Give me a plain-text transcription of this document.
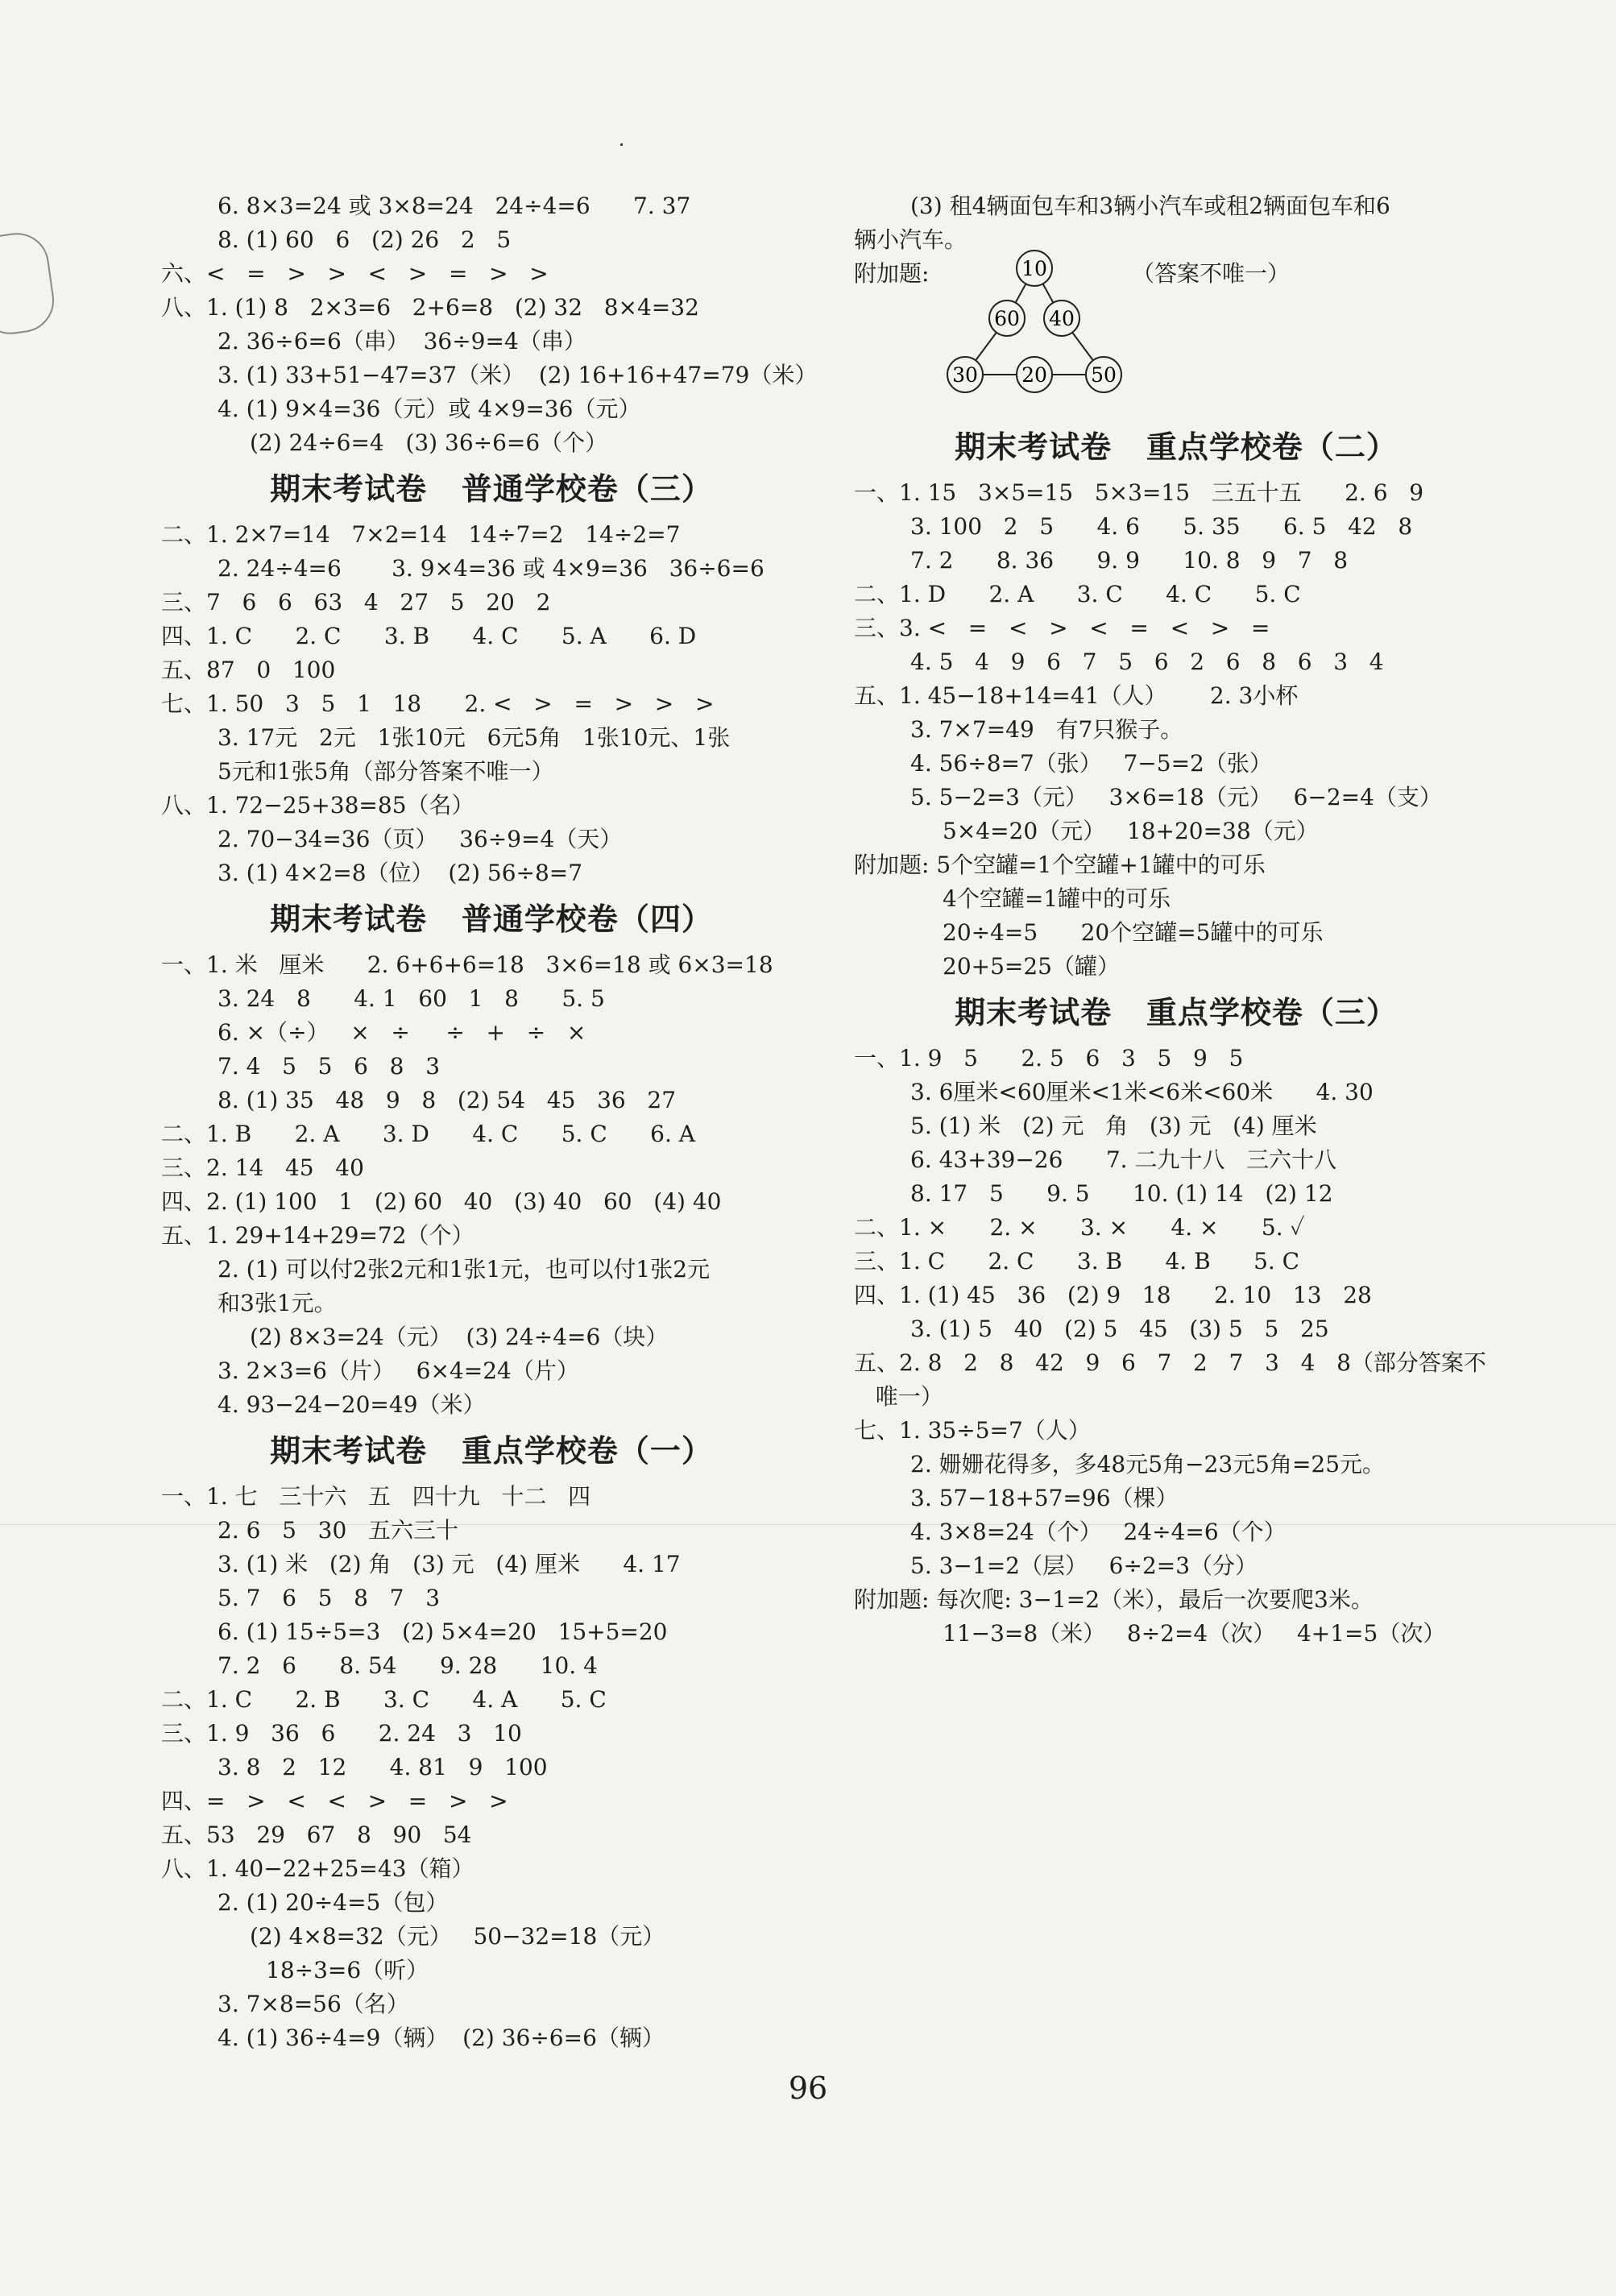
6. 8×3=24 或 3×8=24   24÷4=6      7. 37
8. (1) 60   6   (2) 26   2   5
六、<   =   >   >   <   >   =   >   >
八、1. (1) 8   2×3=6   2+6=8   (2) 32   8×4=32
2. 36÷6=6（串）  36÷9=4（串）
3. (1) 33+51−47=37（米）  (2) 16+16+47=79（米）
4. (1) 9×4=36（元）或 4×9=36（元）
(2) 24÷6=4   (3) 36÷6=6（个）
期末考试卷   普通学校卷（三）
二、1. 2×7=14   7×2=14   14÷7=2   14÷2=7
2. 24÷4=6       3. 9×4=36 或 4×9=36   36÷6=6
三、7   6   6   63   4   27   5   20   2
四、1. C      2. C      3. B      4. C      5. A      6. D
五、87   0   100
七、1. 50   3   5   1   18      2. <   >   =   >   >   >
3. 17元   2元   1张10元   6元5角   1张10元、1张
5元和1张5角（部分答案不唯一）
八、1. 72−25+38=85（名）
2. 70−34=36（页）   36÷9=4（天）
3. (1) 4×2=8（位）  (2) 56÷8=7
期末考试卷   普通学校卷（四）
一、1. 米   厘米      2. 6+6+6=18   3×6=18 或 6×3=18
3. 24   8      4. 1   60   1   8      5. 5
6. ×（÷）   ×   ÷     ÷   +   ÷   ×
7. 4   5   5   6   8   3
8. (1) 35   48   9   8   (2) 54   45   36   27
二、1. B      2. A      3. D      4. C      5. C      6. A
三、2. 14   45   40
四、2. (1) 100   1   (2) 60   40   (3) 40   60   (4) 40
五、1. 29+14+29=72（个）
2. (1) 可以付2张2元和1张1元，也可以付1张2元
和3张1元。
(2) 8×3=24（元）  (3) 24÷4=6（块）
3. 2×3=6（片）   6×4=24（片）
4. 93−24−20=49（米）
期末考试卷   重点学校卷（一）
一、1. 七   三十六   五   四十九   十二   四
2. 6   5   30   五六三十
3. (1) 米   (2) 角   (3) 元   (4) 厘米      4. 17
5. 7   6   5   8   7   3
6. (1) 15÷5=3   (2) 5×4=20   15+5=20
7. 2   6      8. 54      9. 28      10. 4
二、1. C      2. B      3. C      4. A      5. C
三、1. 9   36   6      2. 24   3   10
3. 8   2   12      4. 81   9   100
四、=   >   <   <   >   =   >   >
五、53   29   67   8   90   54
八、1. 40−22+25=43（箱）
2. (1) 20÷4=5（包）
(2) 4×8=32（元）   50−32=18（元）
18÷3=6（听）
3. 7×8=56（名）
4. (1) 36÷4=9（辆）  (2) 36÷6=6（辆）
(3) 租4辆面包车和3辆小汽车或租2辆面包车和6
辆小汽车。
附加题:	10
60 40
30 20 50
（答案不唯一）
期末考试卷   重点学校卷（二）
一、1. 15   3×5=15   5×3=15   三五十五      2. 6   9
3. 100   2   5      4. 6      5. 35      6. 5   42   8
7. 2      8. 36      9. 9      10. 8   9   7   8
二、1. D      2. A      3. C      4. C      5. C
三、3. <   =   <   >   <   =   <   >   =
4. 5   4   9   6   7   5   6   2   6   8   6   3   4
五、1. 45−18+14=41（人）      2. 3小杯
3. 7×7=49   有7只猴子。
4. 56÷8=7（张）   7−5=2（张）
5. 5−2=3（元）   3×6=18（元）   6−2=4（支）
5×4=20（元）   18+20=38（元）
附加题: 5个空罐=1个空罐+1罐中的可乐
4个空罐=1罐中的可乐
20÷4=5      20个空罐=5罐中的可乐
20+5=25（罐）
期末考试卷   重点学校卷（三）
一、1. 9   5      2. 5   6   3   5   9   5
3. 6厘米<60厘米<1米<6米<60米      4. 30
5. (1) 米   (2) 元   角   (3) 元   (4) 厘米
6. 43+39−26      7. 二九十八   三六十八
8. 17   5      9. 5      10. (1) 14   (2) 12
二、1. ×      2. ×      3. ×      4. ×      5. ✓
三、1. C      2. C      3. B      4. B      5. C
四、1. (1) 45   36   (2) 9   18      2. 10   13   28
3. (1) 5   40   (2) 5   45   (3) 5   5   25
五、2. 8   2   8   42   9   6   7   2   7   3   4   8（部分答案不
唯一）
七、1. 35÷5=7（人）
2. 姗姗花得多，多48元5角−23元5角=25元。
3. 57−18+57=96（棵）
4. 3×8=24（个）   24÷4=6（个）
5. 3−1=2（层）   6÷2=3（分）
附加题: 每次爬: 3−1=2（米），最后一次要爬3米。
11−3=8（米）   8÷2=4（次）   4+1=5（次）
96
